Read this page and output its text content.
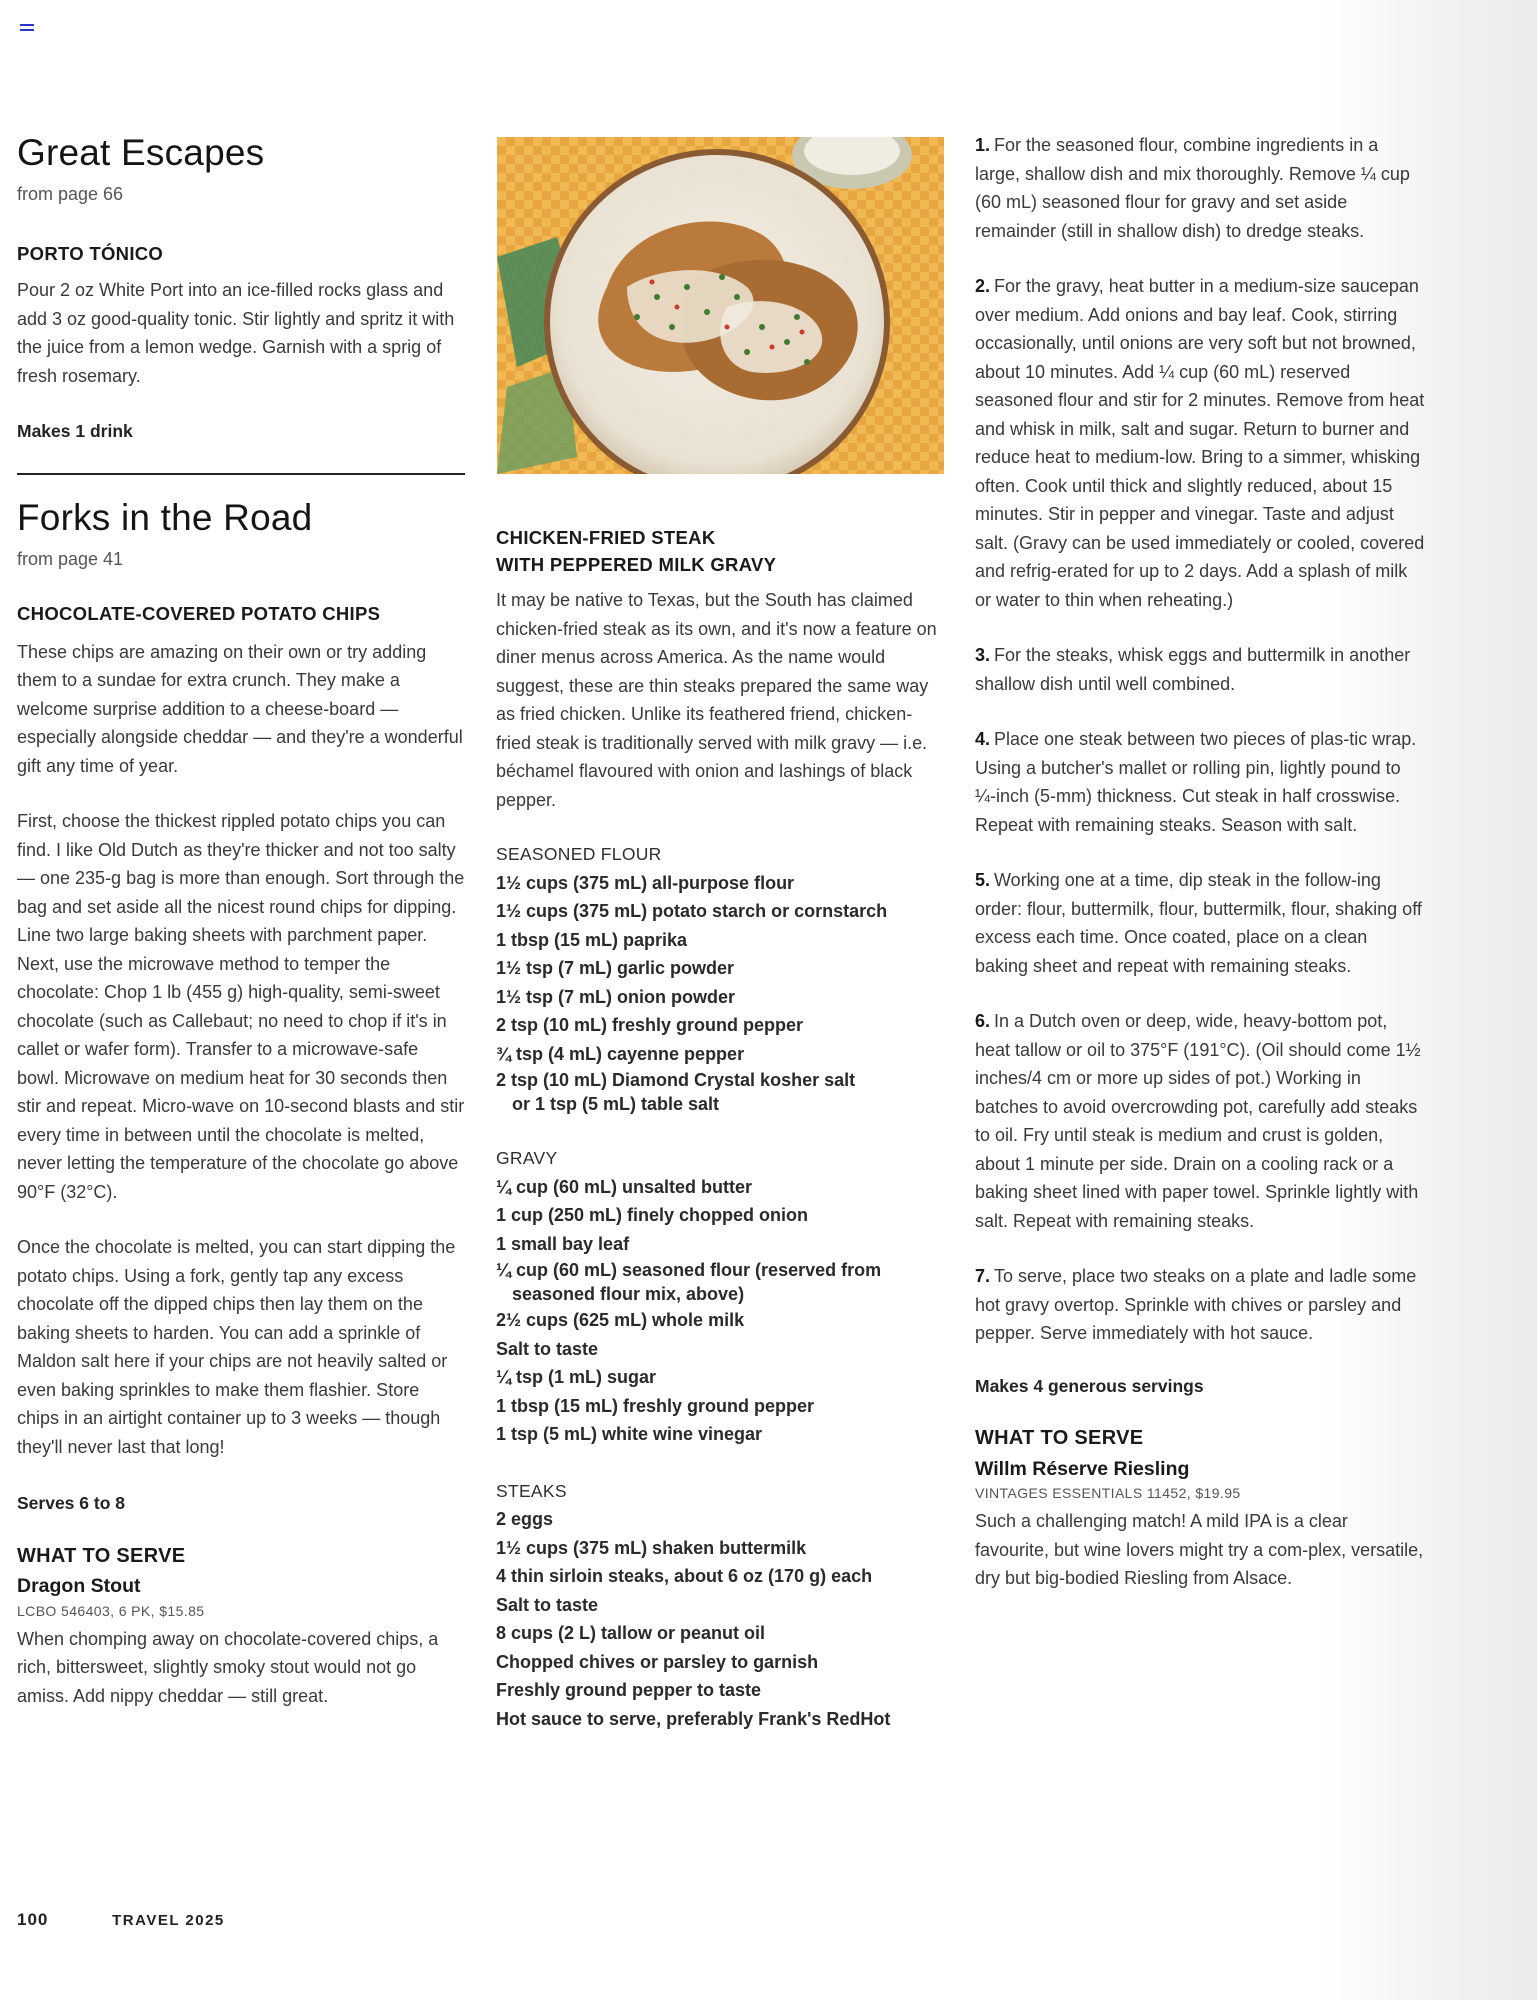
Great Escapes

from page 66

PORTO TÓNICO

Pour 2 oz White Port into an ice-filled rocks glass and add 3 oz good-quality tonic. Stir lightly and spritz it with the juice from a lemon wedge. Garnish with a sprig of fresh rosemary.

Makes 1 drink

Forks in the Road

from page 41

CHOCOLATE-COVERED POTATO CHIPS

These chips are amazing on their own or try adding them to a sundae for extra crunch. They make a welcome surprise addition to a cheese-board — especially alongside cheddar — and they're a wonderful gift any time of year.

First, choose the thickest rippled potato chips you can find. I like Old Dutch as they're thicker and not too salty — one 235-g bag is more than enough. Sort through the bag and set aside all the nicest round chips for dipping. Line two large baking sheets with parchment paper. Next, use the microwave method to temper the chocolate: Chop 1 lb (455 g) high-quality, semi-sweet chocolate (such as Callebaut; no need to chop if it's in callet or wafer form). Transfer to a microwave-safe bowl. Microwave on medium heat for 30 seconds then stir and repeat. Micro-wave on 10-second blasts and stir every time in between until the chocolate is melted, never letting the temperature of the chocolate go above 90°F (32°C).

Once the chocolate is melted, you can start dipping the potato chips. Using a fork, gently tap any excess chocolate off the dipped chips then lay them on the baking sheets to harden. You can add a sprinkle of Maldon salt here if your chips are not heavily salted or even baking sprinkles to make them flashier. Store chips in an airtight container up to 3 weeks — though they'll never last that long!

Serves 6 to 8

WHAT TO SERVE

Dragon Stout

LCBO 546403, 6 PK, $15.85

When chomping away on chocolate-covered chips, a rich, bittersweet, slightly smoky stout would not go amiss. Add nippy cheddar — still great.

CHICKEN-FRIED STEAK

WITH PEPPERED MILK GRAVY

It may be native to Texas, but the South has claimed chicken-fried steak as its own, and it's now a feature on diner menus across America. As the name would suggest, these are thin steaks prepared the same way as fried chicken. Unlike its feathered friend, chicken-fried steak is traditionally served with milk gravy — i.e. béchamel flavoured with onion and lashings of black pepper.

SEASONED FLOUR

1½ cups (375 mL) all-purpose flour

1½ cups (375 mL) potato starch or cornstarch

1 tbsp (15 mL) paprika

1½ tsp (7 mL) garlic powder

1½ tsp (7 mL) onion powder

2 tsp (10 mL) freshly ground pepper

¾ tsp (4 mL) cayenne pepper

2 tsp (10 mL) Diamond Crystal kosher salt

or 1 tsp (5 mL) table salt

GRAVY

¼ cup (60 mL) unsalted butter

1 cup (250 mL) finely chopped onion

1 small bay leaf

¼ cup (60 mL) seasoned flour (reserved from

seasoned flour mix, above)

2½ cups (625 mL) whole milk

Salt to taste

¼ tsp (1 mL) sugar

1 tbsp (15 mL) freshly ground pepper

1 tsp (5 mL) white wine vinegar

STEAKS

2 eggs

1½ cups (375 mL) shaken buttermilk

4 thin sirloin steaks, about 6 oz (170 g) each

Salt to taste

8 cups (2 L) tallow or peanut oil

Chopped chives or parsley to garnish

Freshly ground pepper to taste

Hot sauce to serve, preferably Frank's RedHot

1. For the seasoned flour, combine ingredients in a large, shallow dish and mix thoroughly. Remove ¼ cup (60 mL) seasoned flour for gravy and set aside remainder (still in shallow dish) to dredge steaks.

2. For the gravy, heat butter in a medium-size saucepan over medium. Add onions and bay leaf. Cook, stirring occasionally, until onions are very soft but not browned, about 10 minutes. Add ¼ cup (60 mL) reserved seasoned flour and stir for 2 minutes. Remove from heat and whisk in milk, salt and sugar. Return to burner and reduce heat to medium-low. Bring to a simmer, whisking often. Cook until thick and slightly reduced, about 15 minutes. Stir in pepper and vinegar. Taste and adjust salt. (Gravy can be used immediately or cooled, covered and refrig-erated for up to 2 days. Add a splash of milk or water to thin when reheating.)

3. For the steaks, whisk eggs and buttermilk in another shallow dish until well combined.

4. Place one steak between two pieces of plas-tic wrap. Using a butcher's mallet or rolling pin, lightly pound to ¼-inch (5-mm) thickness. Cut steak in half crosswise. Repeat with remaining steaks. Season with salt.

5. Working one at a time, dip steak in the follow-ing order: flour, buttermilk, flour, buttermilk, flour, shaking off excess each time. Once coated, place on a clean baking sheet and repeat with remaining steaks.

6. In a Dutch oven or deep, wide, heavy-bottom pot, heat tallow or oil to 375°F (191°C). (Oil should come 1½ inches/4 cm or more up sides of pot.) Working in batches to avoid overcrowding pot, carefully add steaks to oil. Fry until steak is medium and crust is golden, about 1 minute per side. Drain on a cooling rack or a baking sheet lined with paper towel. Sprinkle lightly with salt. Repeat with remaining steaks.

7. To serve, place two steaks on a plate and ladle some hot gravy overtop. Sprinkle with chives or parsley and pepper. Serve immediately with hot sauce.

Makes 4 generous servings

WHAT TO SERVE

Willm Réserve Riesling

VINTAGES ESSENTIALS 11452, $19.95

Such a challenging match! A mild IPA is a clear favourite, but wine lovers might try a com-plex, versatile, dry but big-bodied Riesling from Alsace.

100	TRAVEL 2025
